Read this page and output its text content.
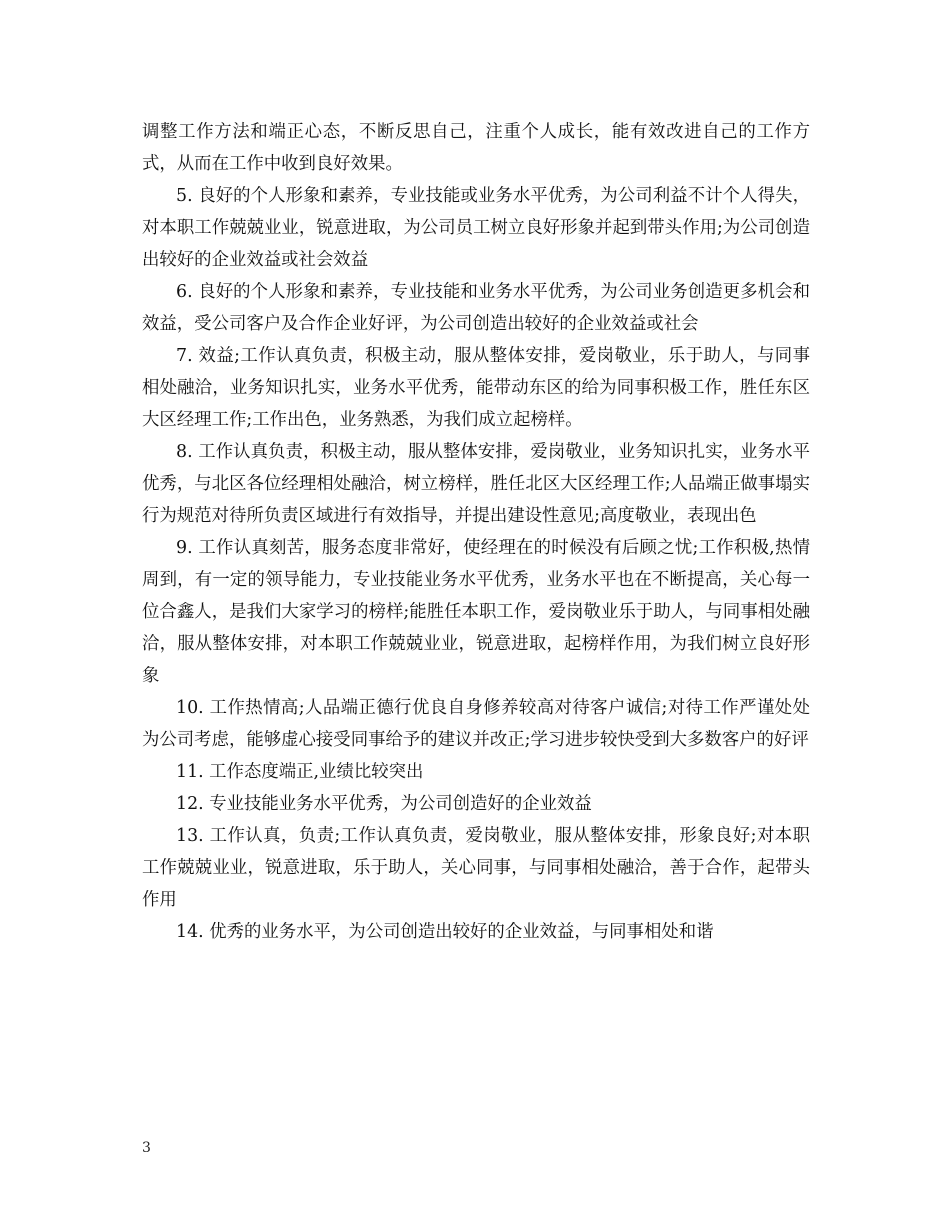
调整工作方法和端正心态，不断反思自己，注重个人成长，能有效改进自己的工作方式，从而在工作中收到良好效果。

5. 良好的个人形象和素养，专业技能或业务水平优秀，为公司利益不计个人得失，对本职工作兢兢业业，锐意进取，为公司员工树立良好形象并起到带头作用;为公司创造出较好的企业效益或社会效益

6. 良好的个人形象和素养，专业技能和业务水平优秀，为公司业务创造更多机会和效益，受公司客户及合作企业好评，为公司创造出较好的企业效益或社会

7. 效益;工作认真负责，积极主动，服从整体安排，爱岗敬业，乐于助人，与同事相处融洽，业务知识扎实，业务水平优秀，能带动东区的给为同事积极工作，胜任东区大区经理工作;工作出色，业务熟悉，为我们成立起榜样。

8. 工作认真负责，积极主动，服从整体安排，爱岗敬业，业务知识扎实，业务水平优秀，与北区各位经理相处融洽，树立榜样，胜任北区大区经理工作;人品端正做事塌实行为规范对待所负责区域进行有效指导，并提出建设性意见;高度敬业，表现出色

9. 工作认真刻苦，服务态度非常好，使经理在的时候没有后顾之忧;工作积极,热情周到，有一定的领导能力，专业技能业务水平优秀，业务水平也在不断提高，关心每一位合鑫人，是我们大家学习的榜样;能胜任本职工作，爱岗敬业乐于助人，与同事相处融洽，服从整体安排，对本职工作兢兢业业，锐意进取，起榜样作用，为我们树立良好形象

10. 工作热情高;人品端正德行优良自身修养较高对待客户诚信;对待工作严谨处处为公司考虑，能够虚心接受同事给予的建议并改正;学习进步较快受到大多数客户的好评

11. 工作态度端正,业绩比较突出

12. 专业技能业务水平优秀，为公司创造好的企业效益

13. 工作认真，负责;工作认真负责，爱岗敬业，服从整体安排，形象良好;对本职工作兢兢业业，锐意进取，乐于助人，关心同事，与同事相处融洽，善于合作，起带头作用

14. 优秀的业务水平，为公司创造出较好的企业效益，与同事相处和谐

3
